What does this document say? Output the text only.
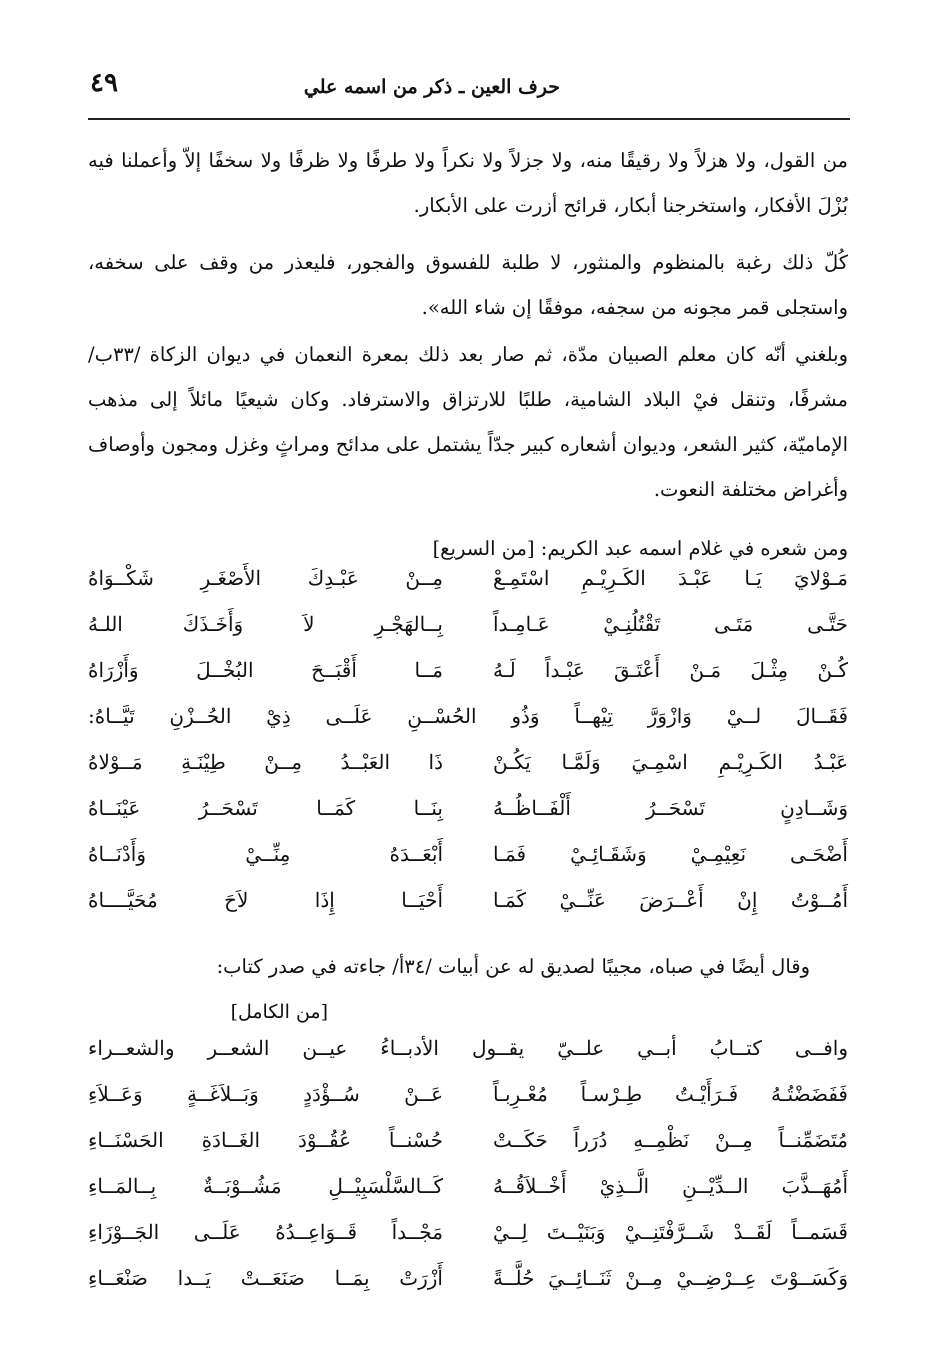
حرف العين ـ ذكر من اسمه علي
٤٩
من القول، ولا هزلاً ولا رقيقًا منه، ولا جزلاً ولا نكراً ولا طرفًا ولا ظرفًا ولا سخفًا إلاّ وأعملنا فيه بُزْلَ الأفكار، واستخرجنا أبكار، قرائح أزرت على الأبكار.
كُلّ ذلك رغبة بالمنظوم والمنثور، لا طلبة للفسوق والفجور، فليعذر من وقف على سخفه، واستجلى قمر مجونه من سجفه، موفقًا إن شاء الله».
وبلغني أنّه كان معلم الصبيان مدّة، ثم صار بعد ذلك بمعرة النعمان في ديوان الزكاة /٣٣ب/ مشرفًا، وتنقل فيْ البلاد الشامية، طلبًا للارتزاق والاسترفاد. وكان شيعيًا مائلاً إلى مذهب الإماميّة، كثير الشعر، وديوان أشعاره كبير جدّاً يشتمل على مدائح ومراثٍ وغزل ومجون وأوصاف وأغراض مختلفة النعوت.
ومن شعره في غلام اسمه عبد الكريم: [من السريع]
مَـوْلايَ يَـا عَبْـدَ الكَـرِيْـمِ اسْتَمِـعْ
مِــنْ عَبْـدِكَ الأَصْغَـرِ شَكْــوَاهُ
حَتَّـى مَتَـى تَقْتُلُنِـيْ عَـامِـداً
بِــالهَجْـرِ لاَ وَأَخَـذَكَ اللـهُ
كُـنْ مِثْـلَ مَـنْ أَعْتَـقَ عَبْـداً لَـهُ
مَــا أَقْبَــحَ البُخْــلَ وَأَزْرَاهُ
فَقَــالَ لــيْ وَازْوَرَّ تِيْهــاً وَذُو الحُسْــنِ عَلَــى ذِيْ الحُــزْنِ تَيَّــاهُ:
عَبْـدُ الكَـرِيْـمِ اسْمِـيَ وَلَمَّـا يَكُـنْ
ذَا العَبْــدُ مِــنْ طِيْنَـةِ مَــوْلاهُ
وَشَــادِنٍ تَسْحَــرُ أَلْفَــاظُــهُ
بِنَــا كَمَــا تَسْحَــرُ عَيْنَــاهُ
أَضْحَـى نَعِيْمِـيْ وَشَقَـائِـيْ فَمَـا
أَبْعَــدَهُ مِنِّــيْ وَأَدْنَــاهُ
أَمُــوْتُ إِنْ أَعْــرَضَ عَنِّــيْ كَمَـا
أَحْيَــا إِذَا لاَحَ مُحَيَّــــاهُ
وقال أيضًا في صباه، مجيبًا لصديق له عن أبيات /٣٤أ/ جاءته في صدر كتاب:
[من الكامل]
وافــى كتــابُ أبــي علــيّ يقــول الأدبــاءُ عيــن الشعــر والشعــراء
فَفَضَضْتُـهُ فَـرَأَيْـتُ طِـرْسـاً مُعْـرِبـاً
عَــنْ سُــؤْدَدٍ وَبَــلاَغَــةٍ وَعَــلاَءِ
مُتَضَمِّنــاً مِــنْ نَظْمِــهِ دُرَراً حَكَــتْ
حُسْنــاً عُقُــوْدَ الغَــادَةِ الحَسْنَــاءِ
أَمُهَــذَّبَ الــدِّيْــنِ الَّــذِيْ أَخْــلاَقُــهُ
كَــالسَّلْسَبِيْــلِ مَشُــوْبَــةٌ بِــالمَــاءِ
قَسَمــاً لَقَــدْ شَــرَّفْتَنِــيْ وَبَنَيْــتَ لِــيْ
مَجْــداً قَــوَاعِــدُهُ عَلَــى الجَــوْزَاءِ
وَكَسَــوْتَ عِــرْضِــيْ مِــنْ ثَنَــائِــيَ حُلَّــةً
أَزْرَتْ بِمَــا صَنَعَــتْ يَــدا صَنْعَــاءِ
